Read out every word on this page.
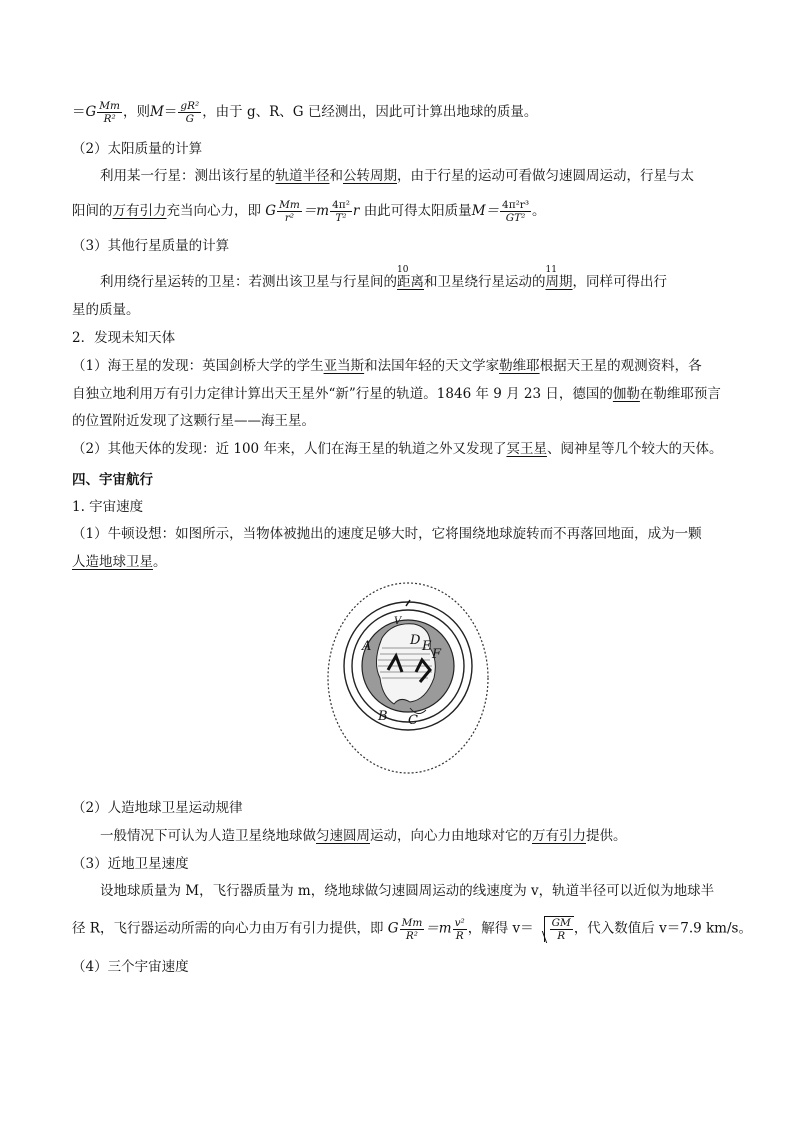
$=G \frac{Mm}{\text{R²}}$ ，则$M= \frac{\text{gR²}}{G}$ ，由于 g、R、G 已经测出，因此可计算出地球的质量。
（2）太阳质量的计算
利用某一行星：测出该行星的轨道半径和公转周期，由于行星的运动可看做匀速圆周运动，行星与太
阳间的万有引力充当向心力，即 G $\frac{Mm}{\text{r²}} =m \frac{\text{4π²}}{\text{T²}}$ r 由此可得太阳质量$M= \frac{\text{4π²r³}}{\text{GT²}}$ 。
（3）其他行星质量的计算
利用绕行星运转的卫星：若测出该卫星与行星间的
10
距离和卫星绕行星运动的
11
周期，同样可得出行
星的质量。
2．发现未知天体
（1）海王星的发现：英国剑桥大学的学生亚当斯和法国年轻的天文学家勒维耶根据天王星的观测资料，各
自独立地利用万有引力定律计算出天王星外“新”行星的轨道。1846 年 9 月 23 日，德国的伽勒在勒维耶预言
的位置附近发现了这颗行星——海王星。
（2）其他天体的发现：近 100 年来，人们在海王星的轨道之外又发现了冥王星、阋神星等几个较大的天体。
四、宇宙航行
1. 宇宙速度
（1）牛顿设想：如图所示，当物体被抛出的速度足够大时，它将围绕地球旋转而不再落回地面，成为一颗
人造地球卫星。
A
B C
D E
F
V
（2）人造地球卫星运动规律
一般情况下可认为人造卫星绕地球做匀速圆周运动，向心力由地球对它的万有引力提供。
（3）近地卫星速度
设地球质量为 M，飞行器质量为 m，绕地球做匀速圆周运动的线速度为 v，轨道半径可以近似为地球半
径 R，飞行器运动所需的向心力由万有引力提供，即 G $\frac{Mm}{\text{R²}} =m \frac{\text{v²}}{R}$ ，解得 $v= \frac{GM}{R}$ ，代入数值后 v＝7.9 km/s。
（4）三个宇宙速度
